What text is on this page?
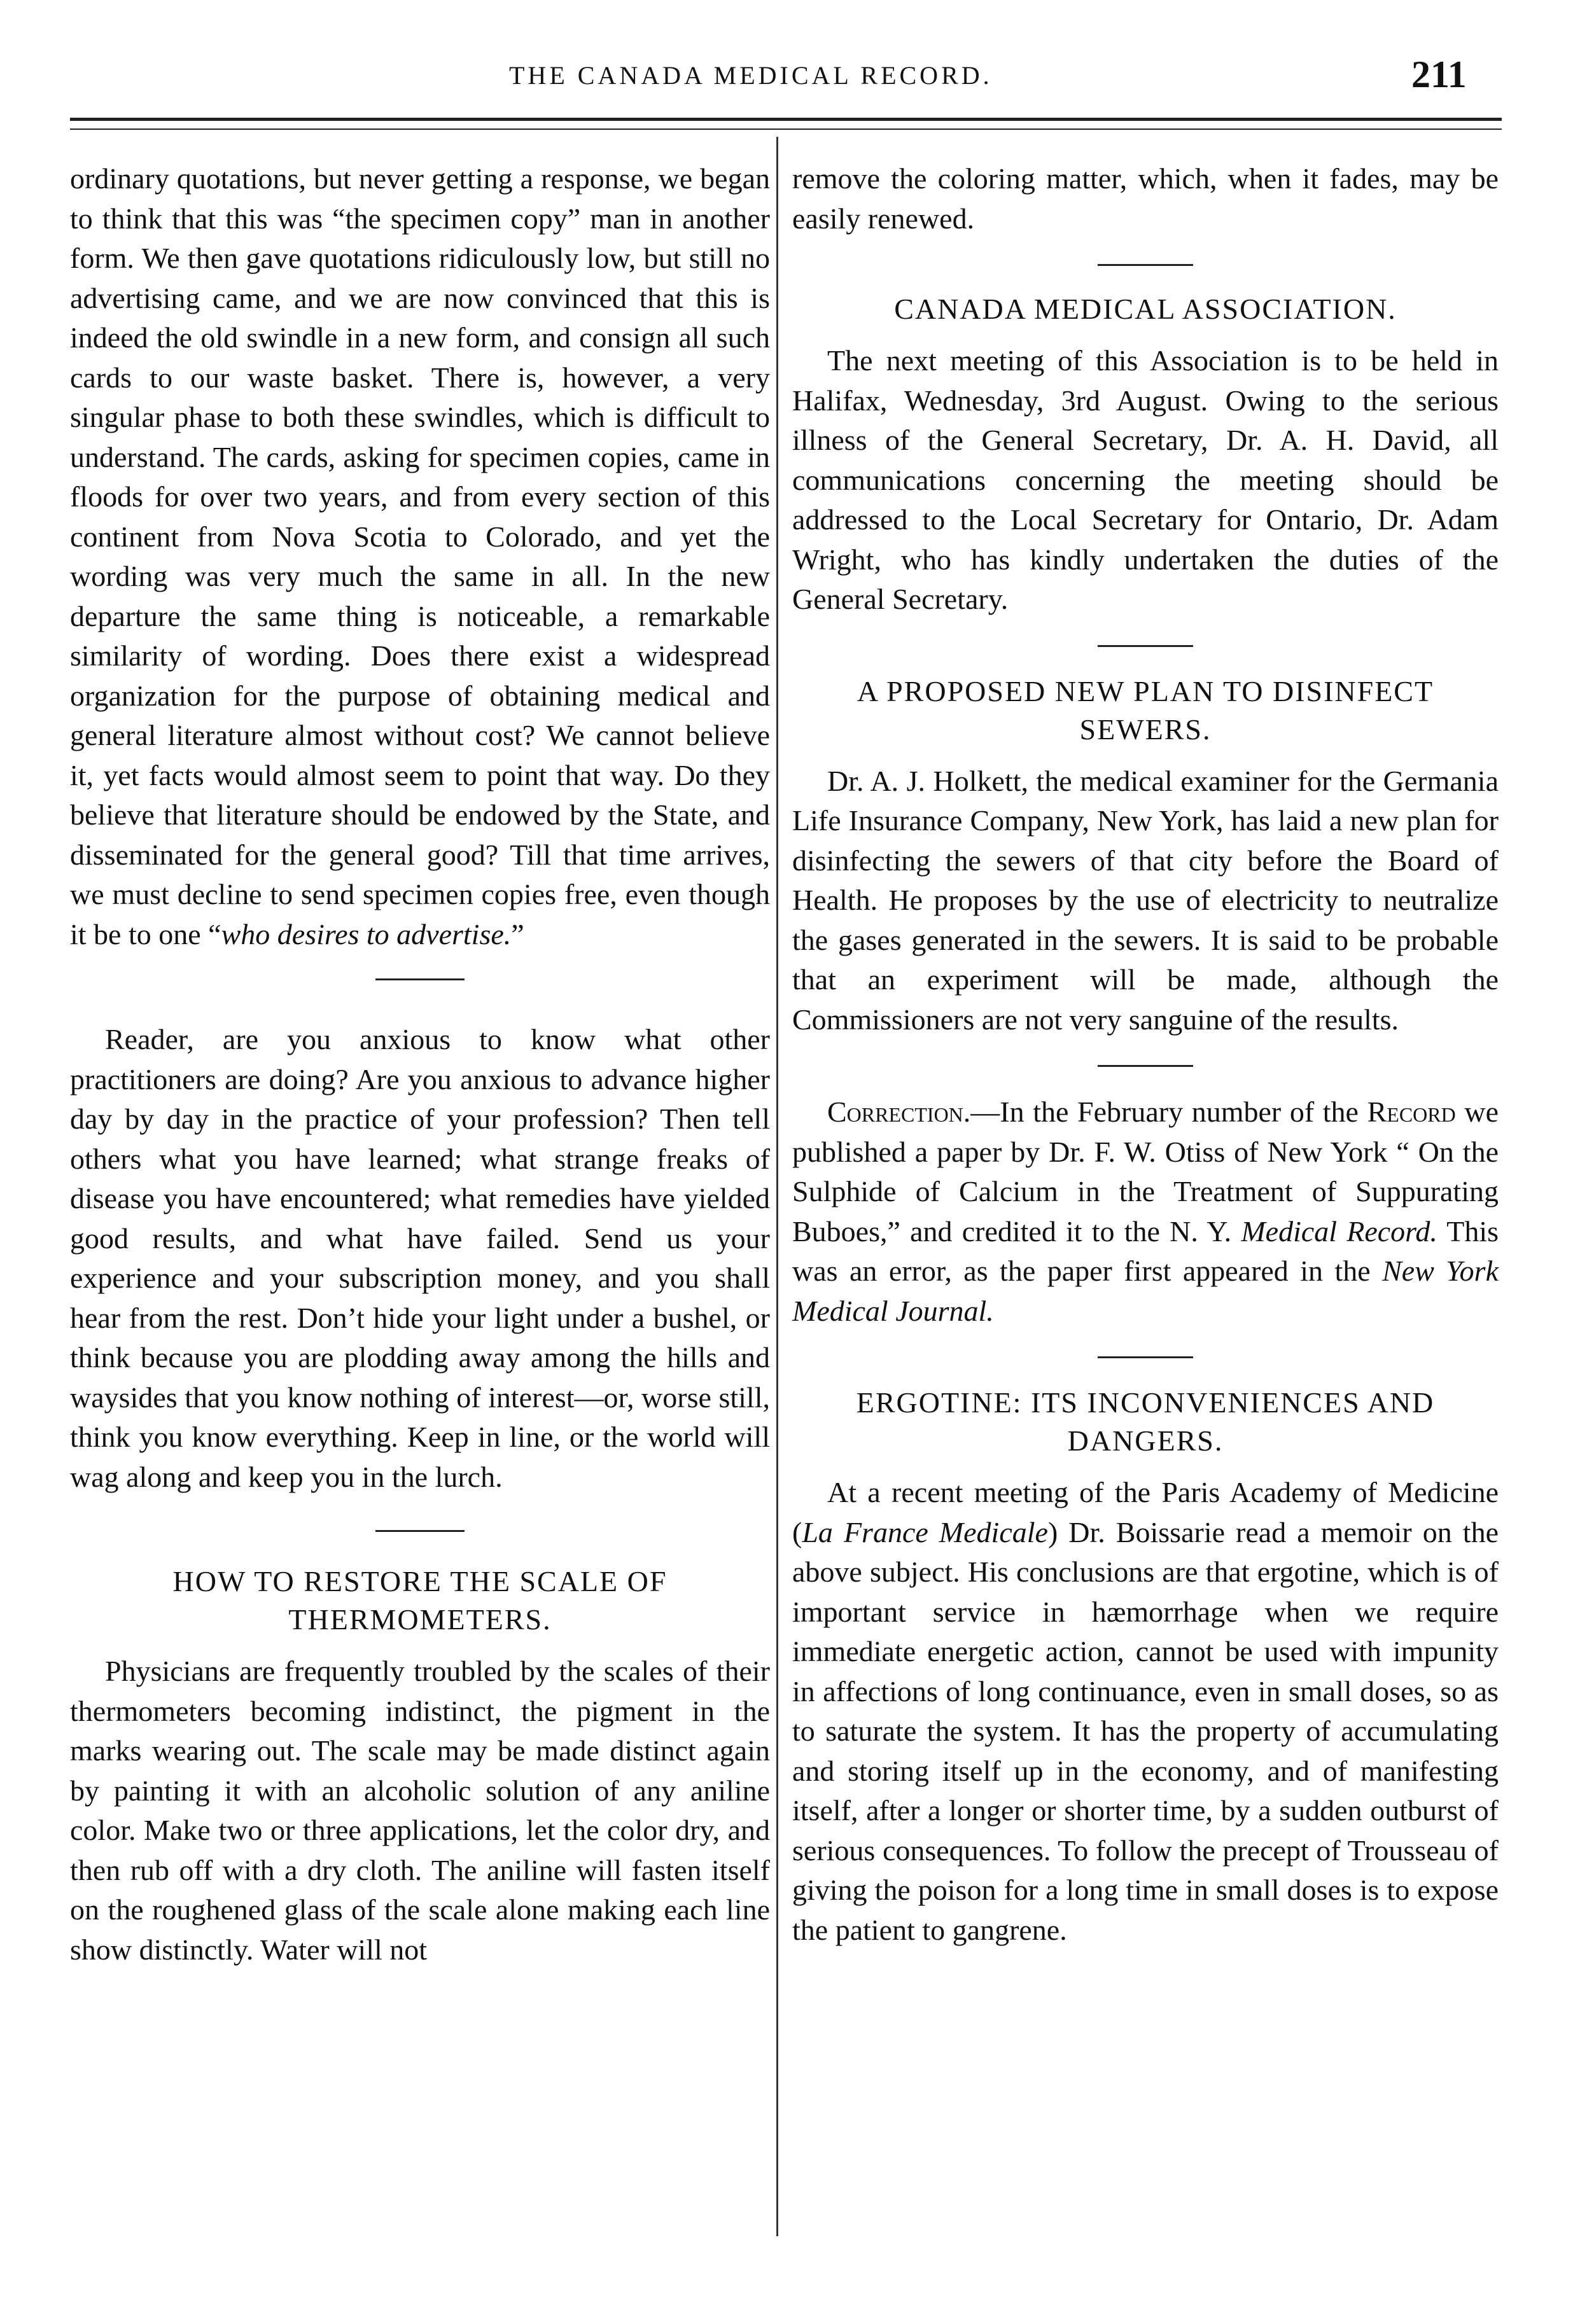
THE CANADA MEDICAL RECORD.	211

ordinary quotations, but never getting a response, we began to think that this was “the specimen copy” man in another form. We then gave quotations ridiculously low, but still no advertising came, and we are now convinced that this is indeed the old swindle in a new form, and consign all such cards to our waste basket. There is, however, a very singular phase to both these swindles, which is difficult to understand. The cards, asking for specimen copies, came in floods for over two years, and from every section of this continent from Nova Scotia to Colorado, and yet the wording was very much the same in all. In the new departure the same thing is noticeable, a remarkable similarity of wording. Does there exist a widespread organization for the purpose of obtaining medical and general literature almost without cost? We cannot believe it, yet facts would almost seem to point that way. Do they believe that literature should be endowed by the State, and disseminated for the general good? Till that time arrives, we must decline to send specimen copies free, even though it be to one “who desires to advertise.”

Reader, are you anxious to know what other practitioners are doing? Are you anxious to advance higher day by day in the practice of your profession? Then tell others what you have learned; what strange freaks of disease you have encountered; what remedies have yielded good results, and what have failed. Send us your experience and your subscription money, and you shall hear from the rest. Don’t hide your light under a bushel, or think because you are plodding away among the hills and waysides that you know nothing of interest—or, worse still, think you know everything. Keep in line, or the world will wag along and keep you in the lurch.

HOW TO RESTORE THE SCALE OF THERMOMETERS.

Physicians are frequently troubled by the scales of their thermometers becoming indistinct, the pigment in the marks wearing out. The scale may be made distinct again by painting it with an alcoholic solution of any aniline color. Make two or three applications, let the color dry, and then rub off with a dry cloth. The aniline will fasten itself on the roughened glass of the scale alone making each line show distinctly. Water will not

remove the coloring matter, which, when it fades, may be easily renewed.

CANADA MEDICAL ASSOCIATION.

The next meeting of this Association is to be held in Halifax, Wednesday, 3rd August. Owing to the serious illness of the General Secretary, Dr. A. H. David, all communications concerning the meeting should be addressed to the Local Secretary for Ontario, Dr. Adam Wright, who has kindly undertaken the duties of the General Secretary.

A PROPOSED NEW PLAN TO DISINFECT SEWERS.

Dr. A. J. Holkett, the medical examiner for the Germania Life Insurance Company, New York, has laid a new plan for disinfecting the sewers of that city before the Board of Health. He proposes by the use of electricity to neutralize the gases generated in the sewers. It is said to be probable that an experiment will be made, although the Commissioners are not very sanguine of the results.

Correction.—In the February number of the Record we published a paper by Dr. F. W. Otiss of New York “ On the Sulphide of Calcium in the Treatment of Suppurating Buboes,” and credited it to the N. Y. Medical Record. This was an error, as the paper first appeared in the New York Medical Journal.

ERGOTINE: ITS INCONVENIENCES AND DANGERS.

At a recent meeting of the Paris Academy of Medicine (La France Medicale) Dr. Boissarie read a memoir on the above subject. His conclusions are that ergotine, which is of important service in hæmorrhage when we require immediate energetic action, cannot be used with impunity in affections of long continuance, even in small doses, so as to saturate the system. It has the property of accumulating and storing itself up in the economy, and of manifesting itself, after a longer or shorter time, by a sudden outburst of serious consequences. To follow the precept of Trousseau of giving the poison for a long time in small doses is to expose the patient to gangrene.
